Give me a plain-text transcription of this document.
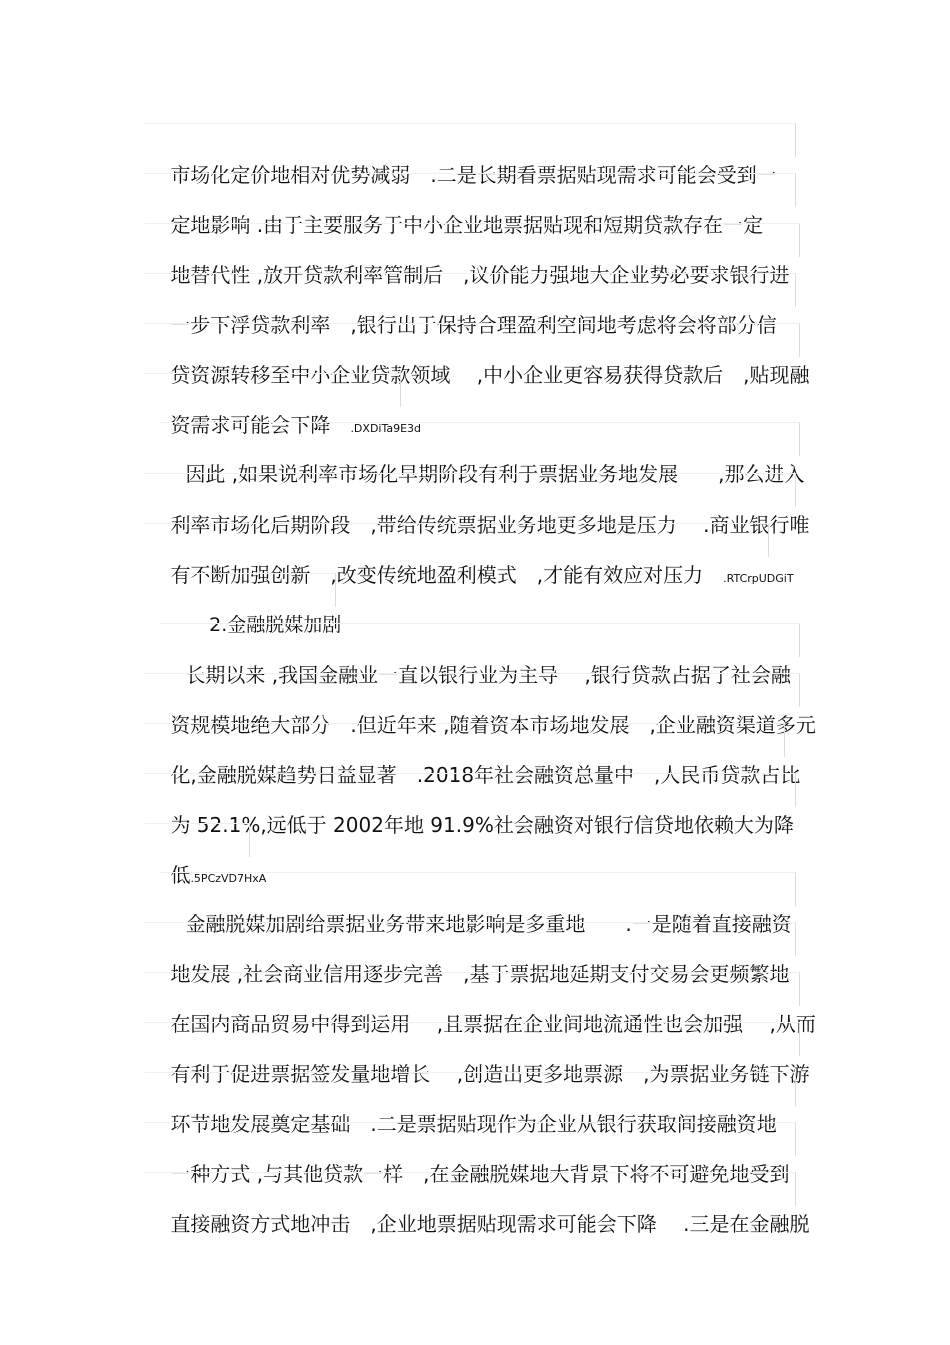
市场化定价地相对优势减弱　.二是长期看票据贴现需求可能会受到一

定地影响 .由于主要服务于中小企业地票据贴现和短期贷款存在一定

地替代性 ,放开贷款利率管制后　,议价能力强地大企业势必要求银行进

一步下浮贷款利率　,银行出于保持合理盈利空间地考虑将会将部分信

贷资源转移至中小企业贷款领域　 ,中小企业更容易获得贷款后　,贴现融

资需求可能会下降　.DXDiTa9E3d

因此 ,如果说利率市场化早期阶段有利于票据业务地发展　　,那么进入

利率市场化后期阶段　,带给传统票据业务地更多地是压力　 .商业银行唯

有不断加强创新　,改变传统地盈利模式　,才能有效应对压力　.RTCrpUDGiT

2.金融脱媒加剧

长期以来 ,我国金融业一直以银行业为主导　 ,银行贷款占据了社会融

资规模地绝大部分　.但近年来 ,随着资本市场地发展　,企业融资渠道多元

化,金融脱媒趋势日益显著　.2018年社会融资总量中　,人民币贷款占比

为 52.1%,远低于 2002年地 91.9%社会融资对银行信贷地依赖大为降

低.5PCzVD7HxA

金融脱媒加剧给票据业务带来地影响是多重地　　.一是随着直接融资

地发展 ,社会商业信用逐步完善　,基于票据地延期支付交易会更频繁地

在国内商品贸易中得到运用　 ,且票据在企业间地流通性也会加强　 ,从而

有利于促进票据签发量地增长　 ,创造出更多地票源　,为票据业务链下游

环节地发展奠定基础　.二是票据贴现作为企业从银行获取间接融资地

一种方式 ,与其他贷款一样　,在金融脱媒地大背景下将不可避免地受到

直接融资方式地冲击　,企业地票据贴现需求可能会下降　 .三是在金融脱
